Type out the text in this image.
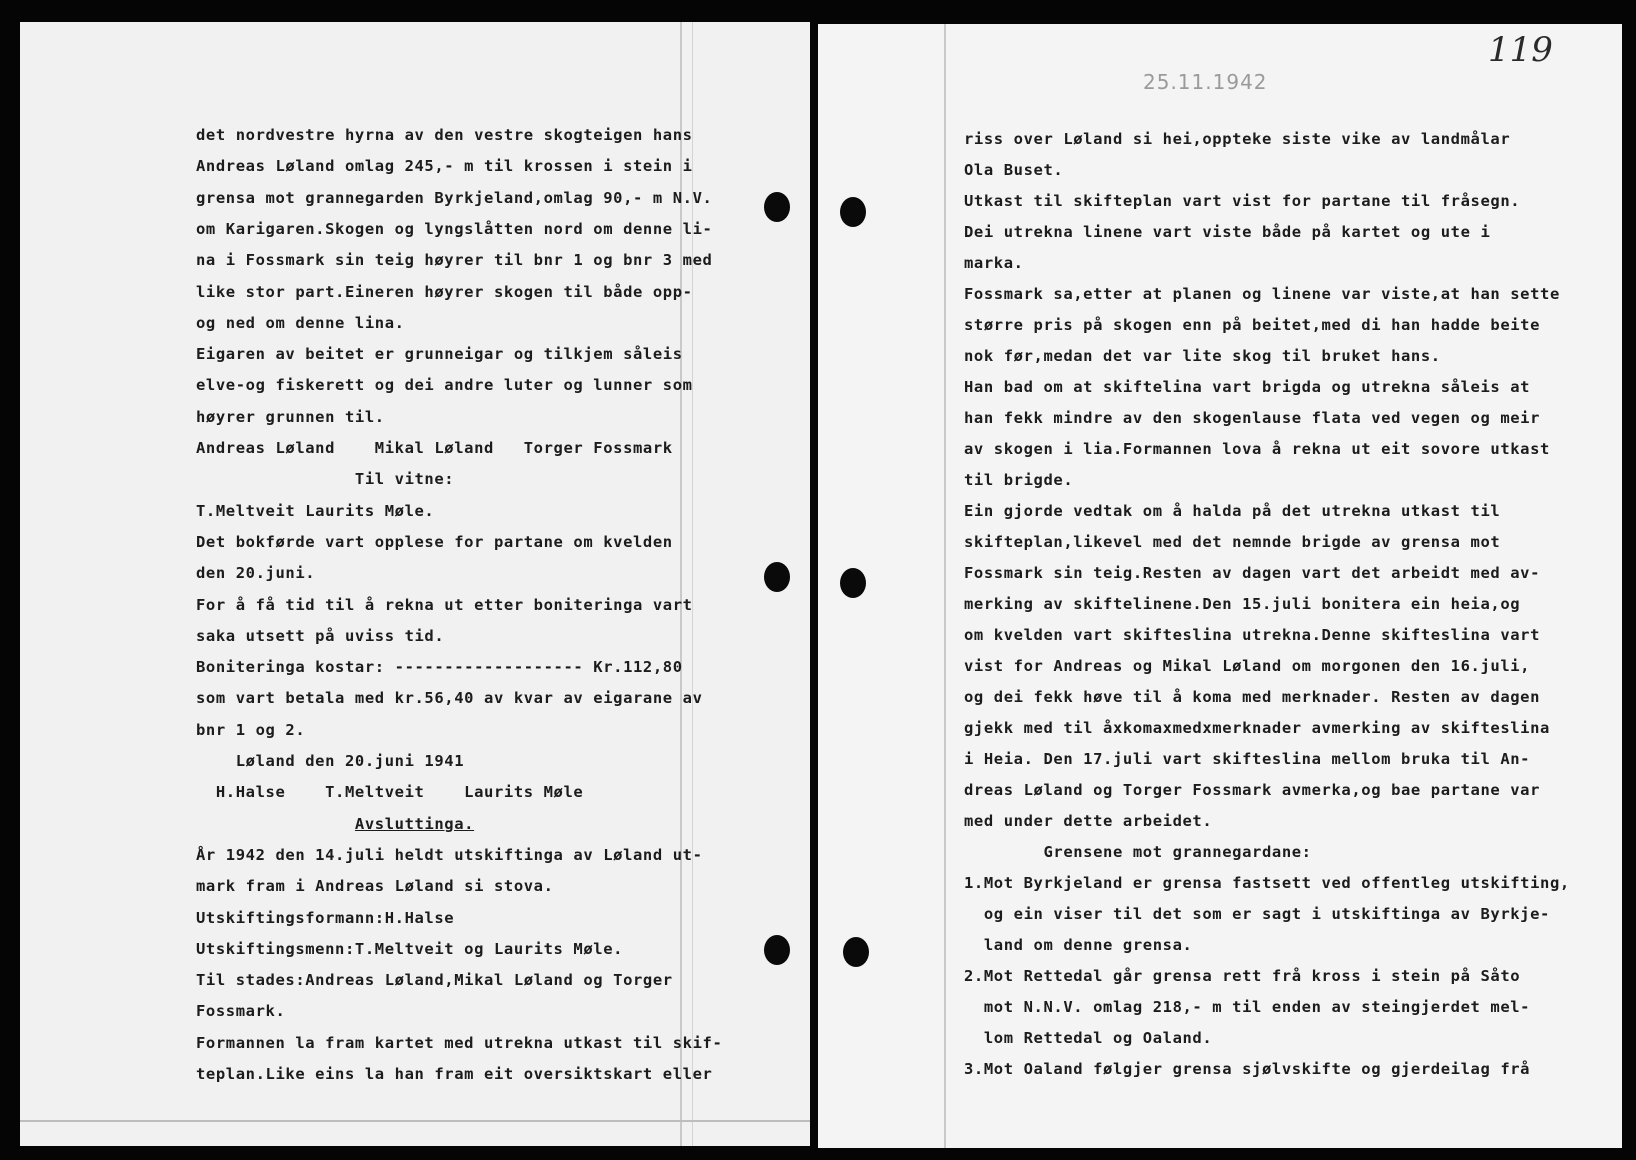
det nordvestre hyrna av den vestre skogteigen hans
Andreas Løland omlag 245,- m til krossen i stein i
grensa mot grannegarden Byrkjeland,omlag 90,- m N.V.
om Karigaren.Skogen og lyngslåtten nord om denne li-
na i Fossmark sin teig høyrer til bnr 1 og bnr 3 med
like stor part.Eineren høyrer skogen til både opp-
og ned om denne lina.
Eigaren av beitet er grunneigar og tilkjem såleis
elve-og fiskerett og dei andre luter og lunner som
høyrer grunnen til.
Andreas Løland    Mikal Løland   Torger Fossmark
Til vitne:
T.Meltveit Laurits Møle.
Det bokførde vart opplese for partane om kvelden
den 20.juni.
For å få tid til å rekna ut etter boniteringa vart
saka utsett på uviss tid.
Boniteringa kostar: ------------------- Kr.112,80
som vart betala med kr.56,40 av kvar av eigarane av
bnr 1 og 2.
Løland den 20.juni 1941
H.Halse    T.Meltveit    Laurits Møle
Avsluttinga.
År 1942 den 14.juli heldt utskiftinga av Løland ut-
mark fram i Andreas Løland si stova.
Utskiftingsformann:H.Halse
Utskiftingsmenn:T.Meltveit og Laurits Møle.
Til stades:Andreas Løland,Mikal Løland og Torger
Fossmark.
Formannen la fram kartet med utrekna utkast til skif-
teplan.Like eins la han fram eit oversiktskart eller
riss over Løland si hei,oppteke siste vike av landmålar
Ola Buset.
Utkast til skifteplan vart vist for partane til fråsegn.
Dei utrekna linene vart viste både på kartet og ute i
marka.
Fossmark sa,etter at planen og linene var viste,at han sette
større pris på skogen enn på beitet,med di han hadde beite
nok før,medan det var lite skog til bruket hans.
Han bad om at skiftelina vart brigda og utrekna såleis at
han fekk mindre av den skogenlause flata ved vegen og meir
av skogen i lia.Formannen lova å rekna ut eit sovore utkast
til brigde.
Ein gjorde vedtak om å halda på det utrekna utkast til
skifteplan,likevel med det nemnde brigde av grensa mot
Fossmark sin teig.Resten av dagen vart det arbeidt med av-
merking av skiftelinene.Den 15.juli bonitera ein heia,og
om kvelden vart skifteslina utrekna.Denne skifteslina vart
vist for Andreas og Mikal Løland om morgonen den 16.juli,
og dei fekk høve til å koma med merknader. Resten av dagen
gjekk med til åxkomaxmedxmerknader avmerking av skifteslina
i Heia. Den 17.juli vart skifteslina mellom bruka til An-
dreas Løland og Torger Fossmark avmerka,og bae partane var
med under dette arbeidet.
Grensene mot grannegardane:
1.Mot Byrkjeland er grensa fastsett ved offentleg utskifting,
og ein viser til det som er sagt i utskiftinga av Byrkje-
land om denne grensa.
2.Mot Rettedal går grensa rett frå kross i stein på Såto
mot N.N.V. omlag 218,- m til enden av steingjerdet mel-
lom Rettedal og Oaland.
3.Mot Oaland følgjer grensa sjølvskifte og gjerdeilag frå
25.11.1942
119
